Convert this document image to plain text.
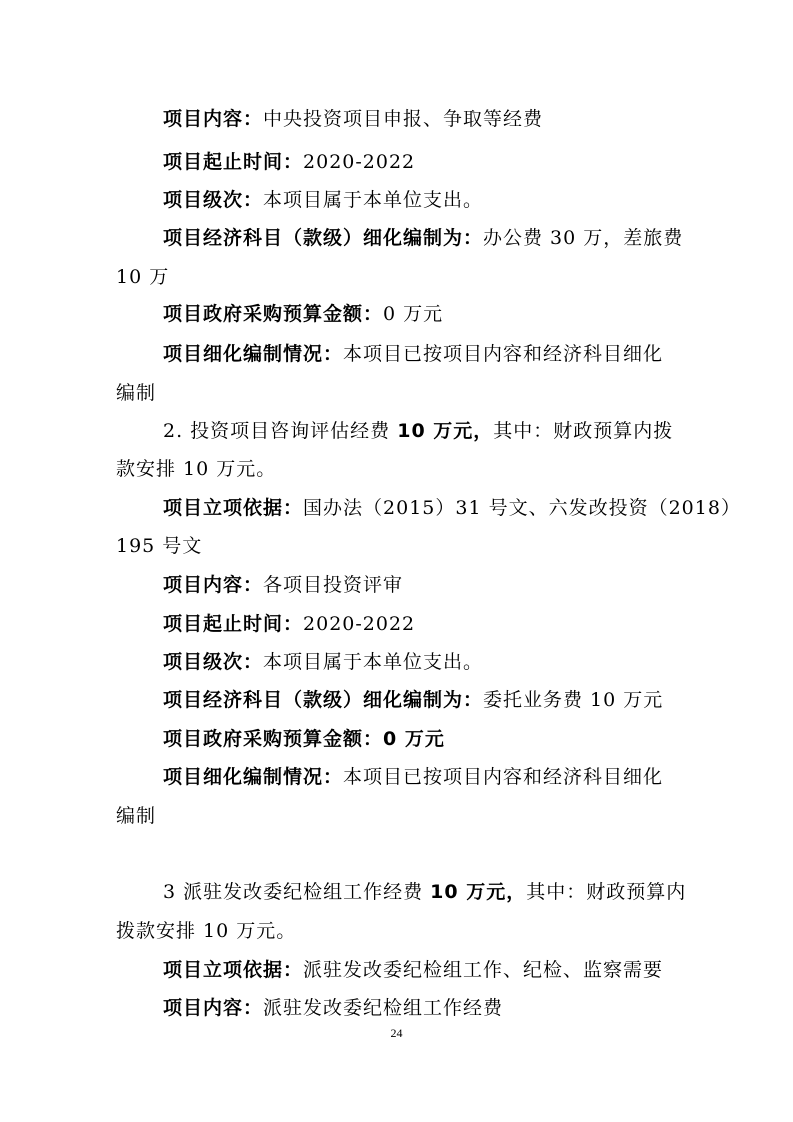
项目内容：中央投资项目申报、争取等经费
项目起止时间：2020-2022
项目级次：本项目属于本单位支出。
项目经济科目（款级）细化编制为：办公费 30 万，差旅费
10 万
项目政府采购预算金额：0 万元
项目细化编制情况：本项目已按项目内容和经济科目细化
编制
2. 投资项目咨询评估经费 10 万元，其中：财政预算内拨
款安排 10 万元。
项目立项依据：国办法（2015）31 号文、六发改投资（2018）
195 号文
项目内容：各项目投资评审
项目起止时间：2020-2022
项目级次：本项目属于本单位支出。
项目经济科目（款级）细化编制为：委托业务费 10 万元
项目政府采购预算金额：0 万元
项目细化编制情况：本项目已按项目内容和经济科目细化
编制
3 派驻发改委纪检组工作经费 10 万元，其中：财政预算内
拨款安排 10 万元。
项目立项依据：派驻发改委纪检组工作、纪检、监察需要
项目内容：派驻发改委纪检组工作经费
24
